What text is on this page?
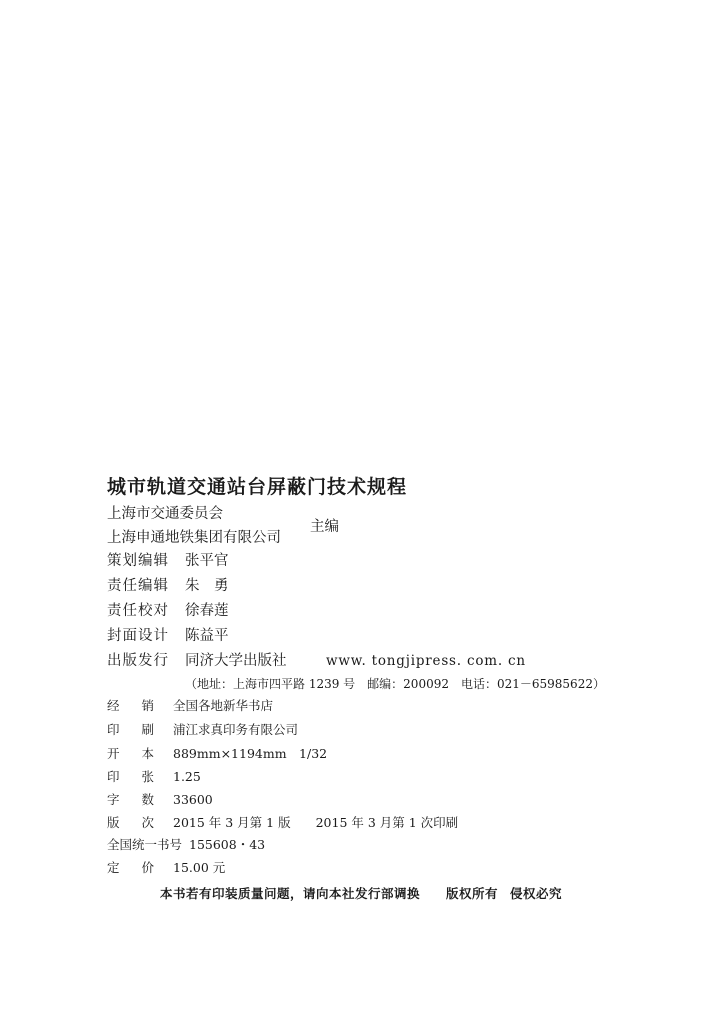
城市轨道交通站台屏蔽门技术规程
上海市交通委员会
上海申通地铁集团有限公司
主编
策划编辑 张平官
责任编辑 朱　勇
责任校对 徐春莲
封面设计 陈益平
出版发行 同济大学出版社	www. tongjipress. com. cn
（地址：上海市四平路 1239 号　邮编：200092　电话：021－65985622）
经销全国各地新华书店
印刷浦江求真印务有限公司
开本889mm×1194mm　1/32
印张1.25
字数33600
版次2015 年 3 月第 1 版　　2015 年 3 月第 1 次印刷
全国统一书号 155608・43
定价15.00 元
本书若有印装质量问题，请向本社发行部调换 版权所有 侵权必究
